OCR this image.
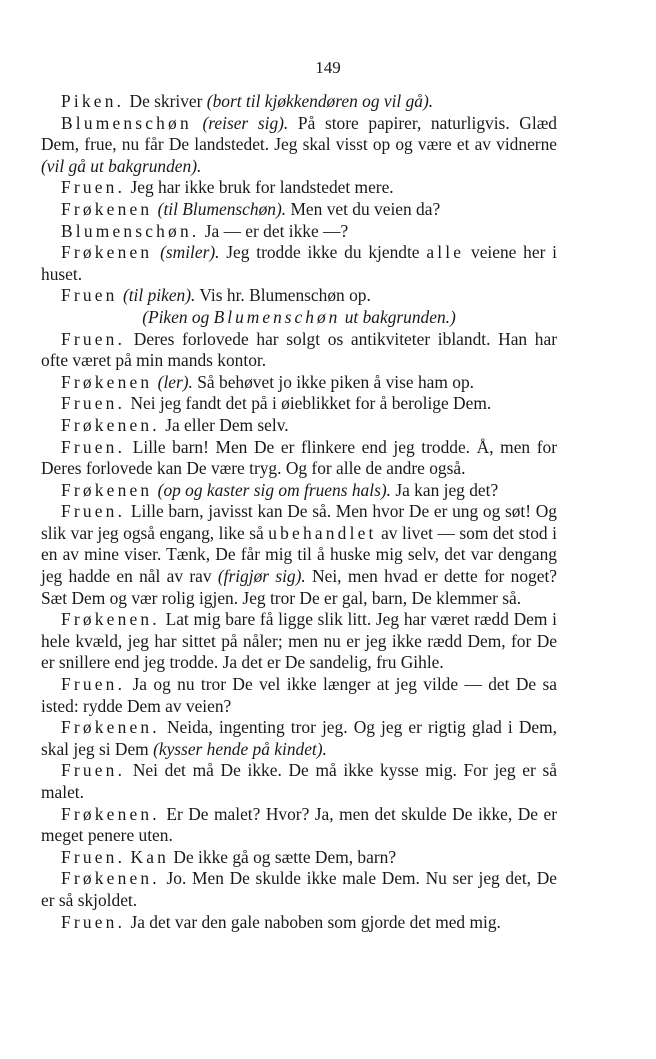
149

Piken. De skriver (bort til kjøkkendøren og vil gå).

Blumenschøn (reiser sig). På store papirer, naturligvis. Glæd Dem, frue, nu får De landstedet. Jeg skal visst op og være et av vidnerne (vil gå ut bakgrunden).

Fruen. Jeg har ikke bruk for landstedet mere.

Frøkenen (til Blumenschøn). Men vet du veien da?

Blumenschøn. Ja — er det ikke —?

Frøkenen (smiler). Jeg trodde ikke du kjendte alle veiene her i huset.

Fruen (til piken). Vis hr. Blumenschøn op.

(Piken og Blumenschøn ut bakgrunden.)

Fruen. Deres forlovede har solgt os antikviteter iblandt. Han har ofte været på min mands kontor.

Frøkenen (ler). Så behøvet jo ikke piken å vise ham op.

Fruen. Nei jeg fandt det på i øieblikket for å berolige Dem.

Frøkenen. Ja eller Dem selv.

Fruen. Lille barn! Men De er flinkere end jeg trodde. Å, men for Deres forlovede kan De være tryg. Og for alle de andre også.

Frøkenen (op og kaster sig om fruens hals). Ja kan jeg det?

Fruen. Lille barn, javisst kan De så. Men hvor De er ung og søt! Og slik var jeg også engang, like så ubehandlet av livet — som det stod i en av mine viser. Tænk, De får mig til å huske mig selv, det var dengang jeg hadde en nål av rav (frigjør sig). Nei, men hvad er dette for noget? Sæt Dem og vær rolig igjen. Jeg tror De er gal, barn, De klemmer så.

Frøkenen. Lat mig bare få ligge slik litt. Jeg har været rædd Dem i hele kvæld, jeg har sittet på nåler; men nu er jeg ikke rædd Dem, for De er snillere end jeg trodde. Ja det er De sandelig, fru Gihle.

Fruen. Ja og nu tror De vel ikke længer at jeg vilde — det De sa isted: rydde Dem av veien?

Frøkenen. Neida, ingenting tror jeg. Og jeg er rigtig glad i Dem, skal jeg si Dem (kysser hende på kindet).

Fruen. Nei det må De ikke. De må ikke kysse mig. For jeg er så malet.

Frøkenen. Er De malet? Hvor? Ja, men det skulde De ikke, De er meget penere uten.

Fruen. Kan De ikke gå og sætte Dem, barn?

Frøkenen. Jo. Men De skulde ikke male Dem. Nu ser jeg det, De er så skjoldet.

Fruen. Ja det var den gale naboben som gjorde det med mig.
